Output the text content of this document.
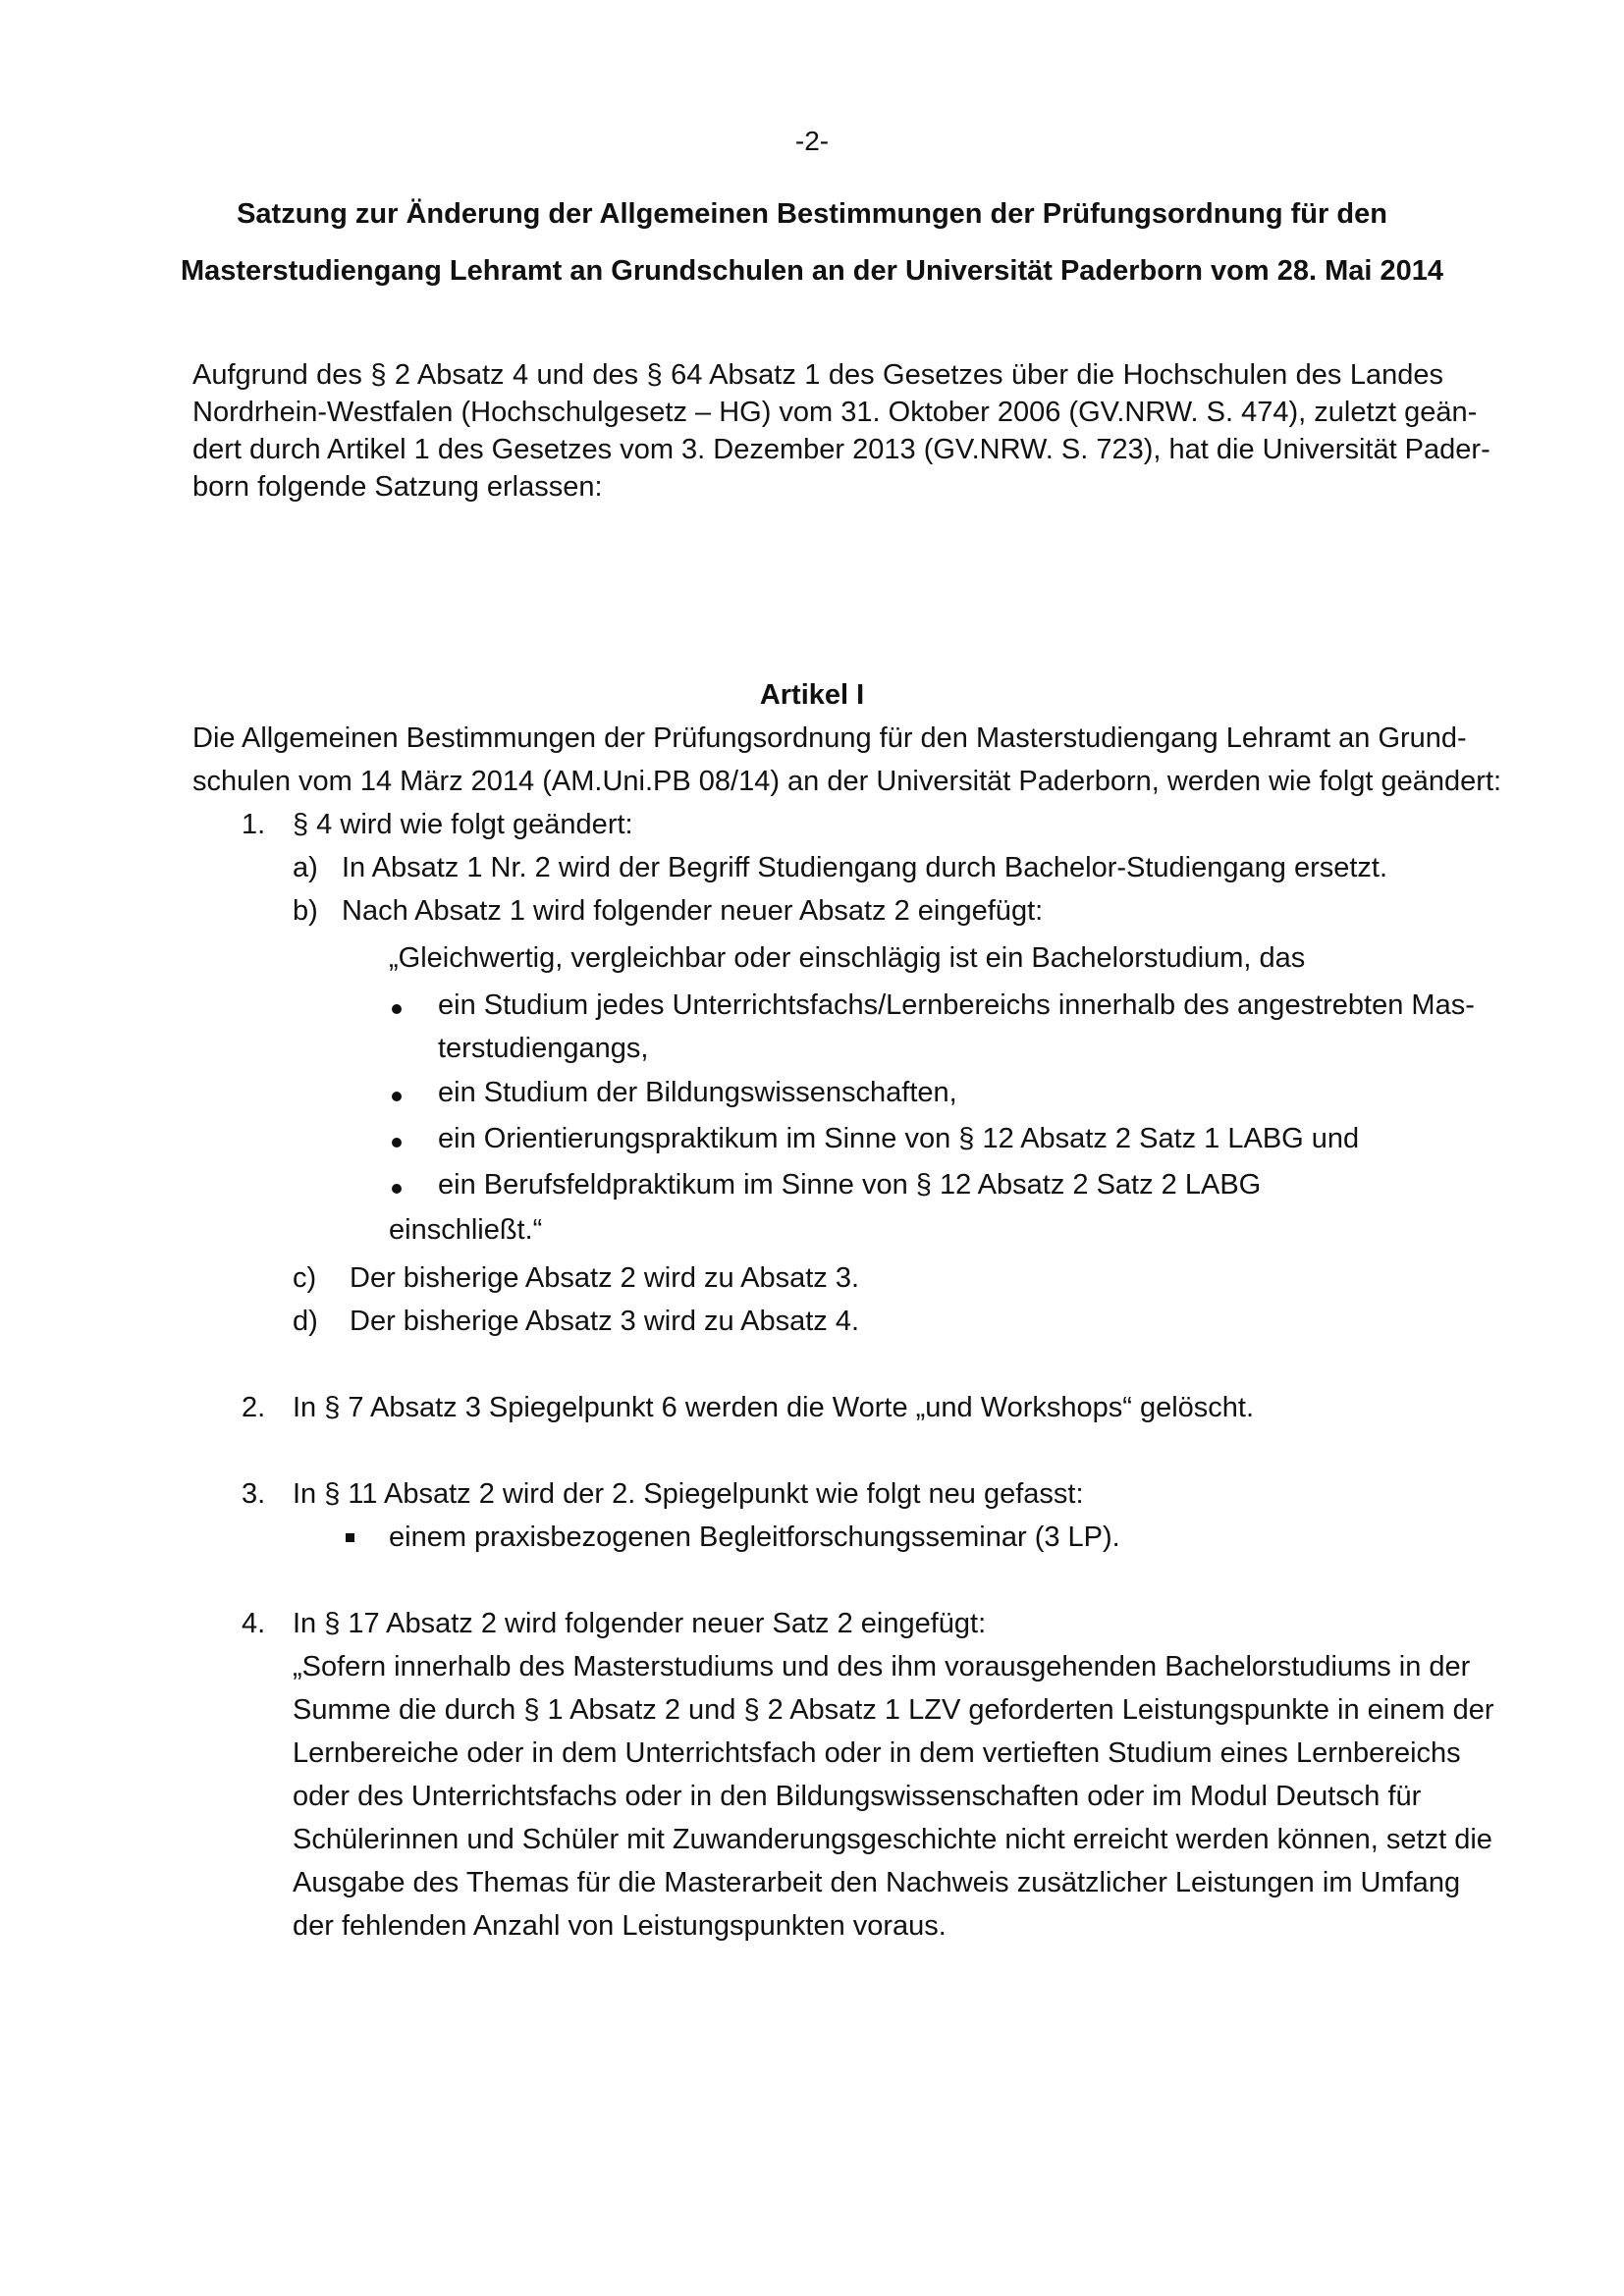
-2-
Satzung zur Änderung der Allgemeinen Bestimmungen der Prüfungsordnung für den
Masterstudiengang Lehramt an Grundschulen an der Universität Paderborn vom 28. Mai 2014
Aufgrund des § 2 Absatz 4 und des § 64 Absatz 1 des Gesetzes über die Hochschulen des Landes
Nordrhein-Westfalen (Hochschulgesetz – HG) vom 31. Oktober 2006 (GV.NRW. S. 474), zuletzt geän-
dert durch Artikel 1 des Gesetzes vom 3. Dezember 2013 (GV.NRW. S. 723), hat die Universität Pader-
born folgende Satzung erlassen:
Artikel I
Die Allgemeinen Bestimmungen der Prüfungsordnung für den Masterstudiengang Lehramt an Grund-
schulen vom 14 März 2014 (AM.Uni.PB 08/14) an der Universität Paderborn, werden wie folgt geändert:
1. § 4 wird wie folgt geändert:
a) In Absatz 1 Nr. 2 wird der Begriff Studiengang durch Bachelor-Studiengang ersetzt.
b) Nach Absatz 1 wird folgender neuer Absatz 2 eingefügt:
„Gleichwertig, vergleichbar oder einschlägig ist ein Bachelorstudium, das
ein Studium jedes Unterrichtsfachs/Lernbereichs innerhalb des angestrebten Mas-
terstudiengangs,
ein Studium der Bildungswissenschaften,
ein Orientierungspraktikum im Sinne von § 12 Absatz 2 Satz 1 LABG und
ein Berufsfeldpraktikum im Sinne von § 12 Absatz 2 Satz 2 LABG
einschließt.“
c) Der bisherige Absatz 2 wird zu Absatz 3.
d) Der bisherige Absatz 3 wird zu Absatz 4.
2. In § 7 Absatz 3 Spiegelpunkt 6 werden die Worte „und Workshops“ gelöscht.
3. In § 11 Absatz 2 wird der 2. Spiegelpunkt wie folgt neu gefasst:
einem praxisbezogenen Begleitforschungsseminar (3 LP).
4. In § 17 Absatz 2 wird folgender neuer Satz 2 eingefügt:
„Sofern innerhalb des Masterstudiums und des ihm vorausgehenden Bachelorstudiums in der
Summe die durch § 1 Absatz 2 und § 2 Absatz 1 LZV geforderten Leistungspunkte in einem der
Lernbereiche oder in dem Unterrichtsfach oder in dem vertieften Studium eines Lernbereichs
oder des Unterrichtsfachs oder in den Bildungswissenschaften oder im Modul Deutsch für
Schülerinnen und Schüler mit Zuwanderungsgeschichte nicht erreicht werden können, setzt die
Ausgabe des Themas für die Masterarbeit den Nachweis zusätzlicher Leistungen im Umfang
der fehlenden Anzahl von Leistungspunkten voraus.
